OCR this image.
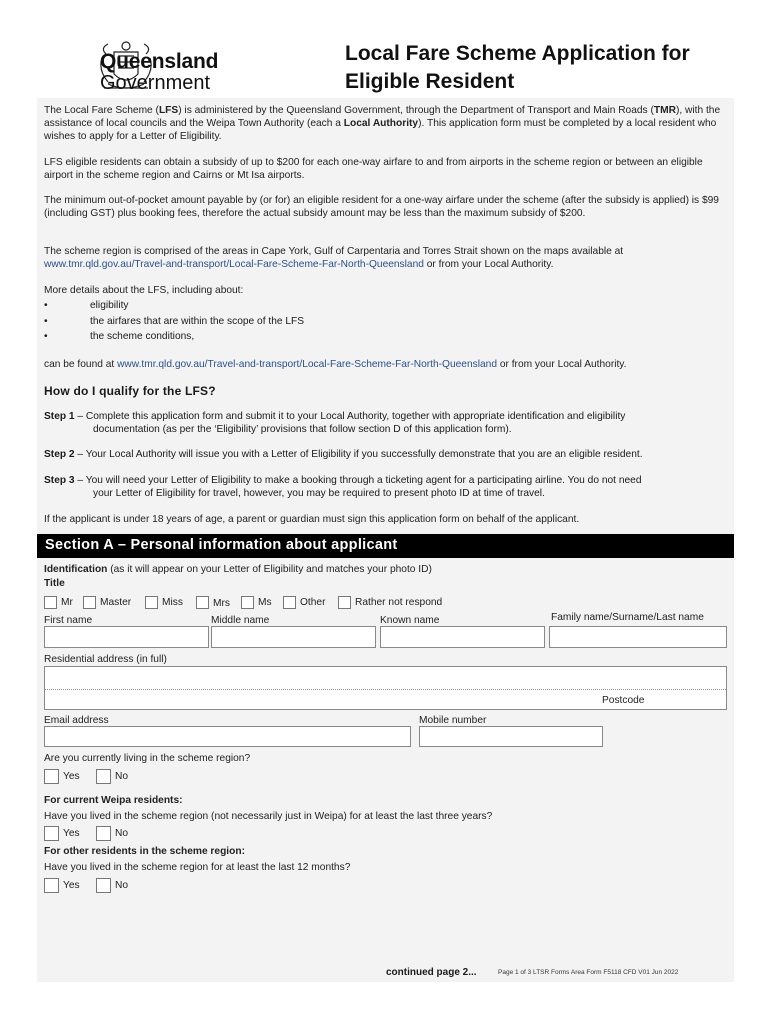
Queensland
Government
Local Fare Scheme Application for
Eligible Resident
The Local Fare Scheme (LFS) is administered by the Queensland Government, through the Department of Transport and Main Roads (TMR), with the assistance of local councils and the Weipa Town Authority (each a Local Authority). This application form must be completed by a local resident who wishes to apply for a Letter of Eligibility.
LFS eligible residents can obtain a subsidy of up to $200 for each one-way airfare to and from airports in the scheme region or between an eligible airport in the scheme region and Cairns or Mt Isa airports.
The minimum out-of-pocket amount payable by (or for) an eligible resident for a one-way airfare under the scheme (after the subsidy is applied) is $99 (including GST) plus booking fees, therefore the actual subsidy amount may be less than the maximum subsidy of $200.
The scheme region is comprised of the areas in Cape York, Gulf of Carpentaria and Torres Strait shown on the maps available at
www.tmr.qld.gov.au/Travel-and-transport/Local-Fare-Scheme-Far-North-Queensland or from your Local Authority.
More details about the LFS, including about:
•	eligibility
•	the airfares that are within the scope of the LFS
•	the scheme conditions,
can be found at www.tmr.qld.gov.au/Travel-and-transport/Local-Fare-Scheme-Far-North-Queensland or from your Local Authority.
How do I qualify for the LFS?
Step 1 – Complete this application form and submit it to your Local Authority, together with appropriate identification and eligibility
documentation (as per the ‘Eligibility’ provisions that follow section D of this application form).
Step 2 – Your Local Authority will issue you with a Letter of Eligibility if you successfully demonstrate that you are an eligible resident.
Step 3 – You will need your Letter of Eligibility to make a booking through a ticketing agent for a participating airline. You do not need
your Letter of Eligibility for travel, however, you may be required to present photo ID at time of travel.
If the applicant is under 18 years of age, a parent or guardian must sign this application form on behalf of the applicant.
Section A – Personal information about applicant
Identification (as it will appear on your Letter of Eligibility and matches your photo ID)
Title
Mr	Master	Miss	Mrs	Ms	Other	Rather not respond
First name	Middle name	Known name	Family name/Surname/Last name
Residential address (in full)
Postcode
Email address	Mobile number
Are you currently living in the scheme region?
Yes	No
For current Weipa residents:
Have you lived in the scheme region (not necessarily just in Weipa) for at least the last three years?
Yes	No
For other residents in the scheme region:
Have you lived in the scheme region for at least the last 12 months?
Yes	No
continued page 2...	Page 1 of 3 LTSR Forms Area Form F5118 CFD V01 Jun 2022
